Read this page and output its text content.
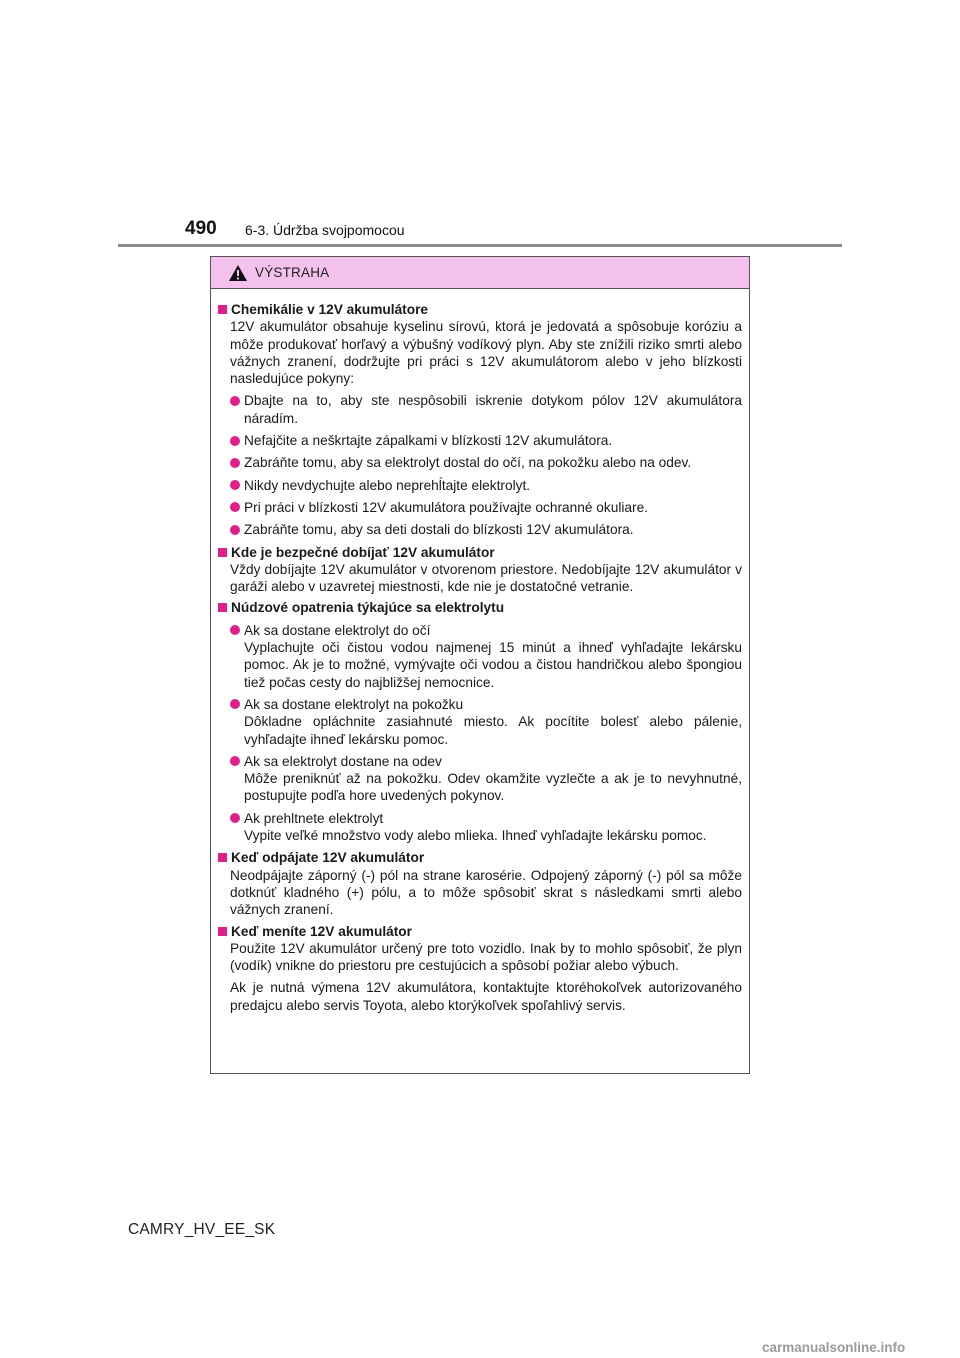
490 6-3. Údržba svojpomocou
VÝSTRAHA
Chemikálie v 12V akumulátore

12V akumulátor obsahuje kyselinu sírovú, ktorá je jedovatá a spôsobuje koróziu a môže produkovať horľavý a výbušný vodíkový plyn. Aby ste znížili riziko smrti alebo vážnych zranení, dodržujte pri práci s 12V akumulátorom alebo v jeho blízkosti nasledujúce pokyny:

Dbajte na to, aby ste nespôsobili iskrenie dotykom pólov 12V akumulátora náradím.
Nefajčite a neškrtajte zápalkami v blízkosti 12V akumulátora.
Zabráňte tomu, aby sa elektrolyt dostal do očí, na pokožku alebo na odev.
Nikdy nevdychujte alebo neprehĺtajte elektrolyt.
Pri práci v blízkosti 12V akumulátora používajte ochranné okuliare.
Zabráňte tomu, aby sa deti dostali do blízkosti 12V akumulátora.
Kde je bezpečné dobíjať 12V akumulátor

Vždy dobíjajte 12V akumulátor v otvorenom priestore. Nedobíjajte 12V akumulátor v garáži alebo v uzavretej miestnosti, kde nie je dostatočné vetranie.

Núdzové opatrenia týkajúce sa elektrolytu
Ak sa dostane elektrolyt do očí
Vyplachujte oči čistou vodou najmenej 15 minút a ihneď vyhľadajte lekársku pomoc. Ak je to možné, vymývajte oči vodou a čistou handričkou alebo špongiou tiež počas cesty do najbližšej nemocnice.
Ak sa dostane elektrolyt na pokožku
Dôkladne opláchnite zasiahnuté miesto. Ak pocítite bolesť alebo pálenie, vyhľadajte ihneď lekársku pomoc.
Ak sa elektrolyt dostane na odev
Môže preniknúť až na pokožku. Odev okamžite vyzlečte a ak je to nevyhnutné, postupujte podľa hore uvedených pokynov.
Ak prehltnete elektrolyt
Vypite veľké množstvo vody alebo mlieka. Ihneď vyhľadajte lekársku pomoc.
Keď odpájate 12V akumulátor

Neodpájajte záporný (-) pól na strane karosérie. Odpojený záporný (-) pól sa môže dotknúť kladného (+) pólu, a to môže spôsobiť skrat s následkami smrti alebo vážnych zranení.

Keď meníte 12V akumulátor

Použite 12V akumulátor určený pre toto vozidlo. Inak by to mohlo spôsobiť, že plyn (vodík) vnikne do priestoru pre cestujúcich a spôsobí požiar alebo výbuch.

Ak je nutná výmena 12V akumulátora, kontaktujte ktoréhokoľvek autorizovaného predajcu alebo servis Toyota, alebo ktorýkoľvek spoľahlivý servis.

CAMRY_HV_EE_SK
carmanualsonline.info
